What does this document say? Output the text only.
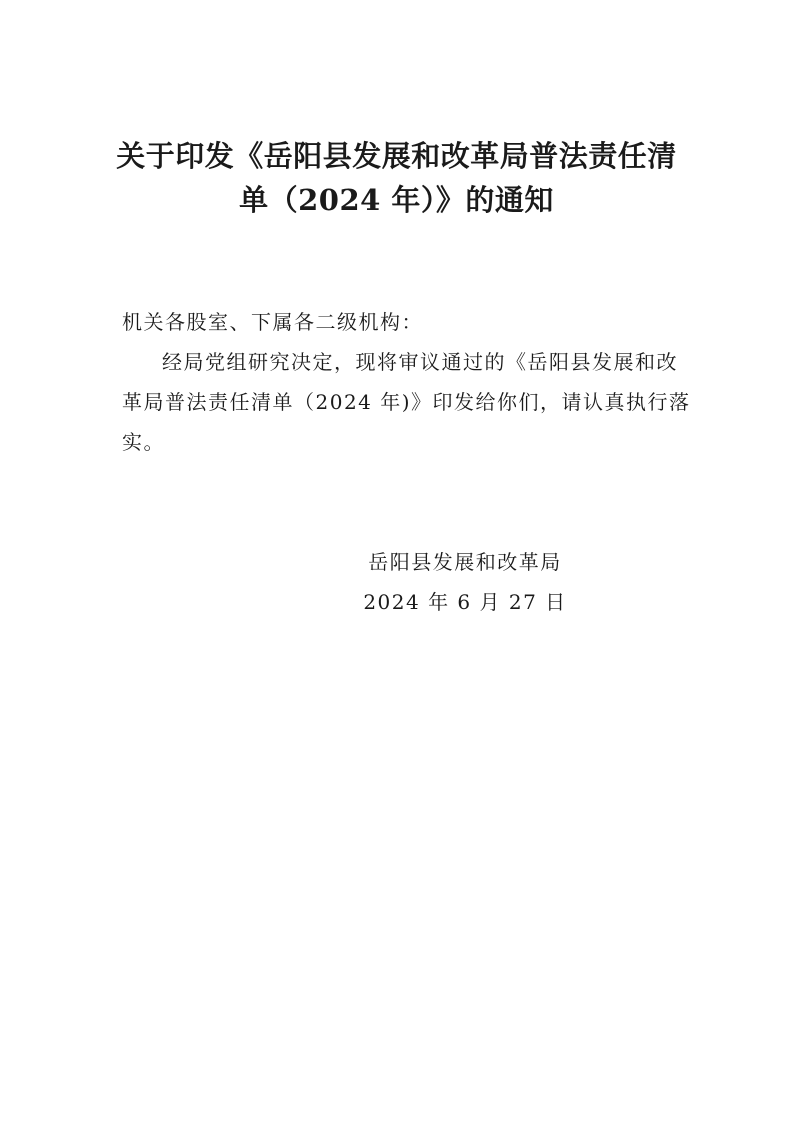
关于印发《岳阳县发展和改革局普法责任清
单（2024 年）》的通知
机关各股室、下属各二级机构：
经局党组研究决定，现将审议通过的《岳阳县发展和改
革局普法责任清单（2024 年)》印发给你们，请认真执行落
实。
岳阳县发展和改革局
2024 年 6 月 27 日
